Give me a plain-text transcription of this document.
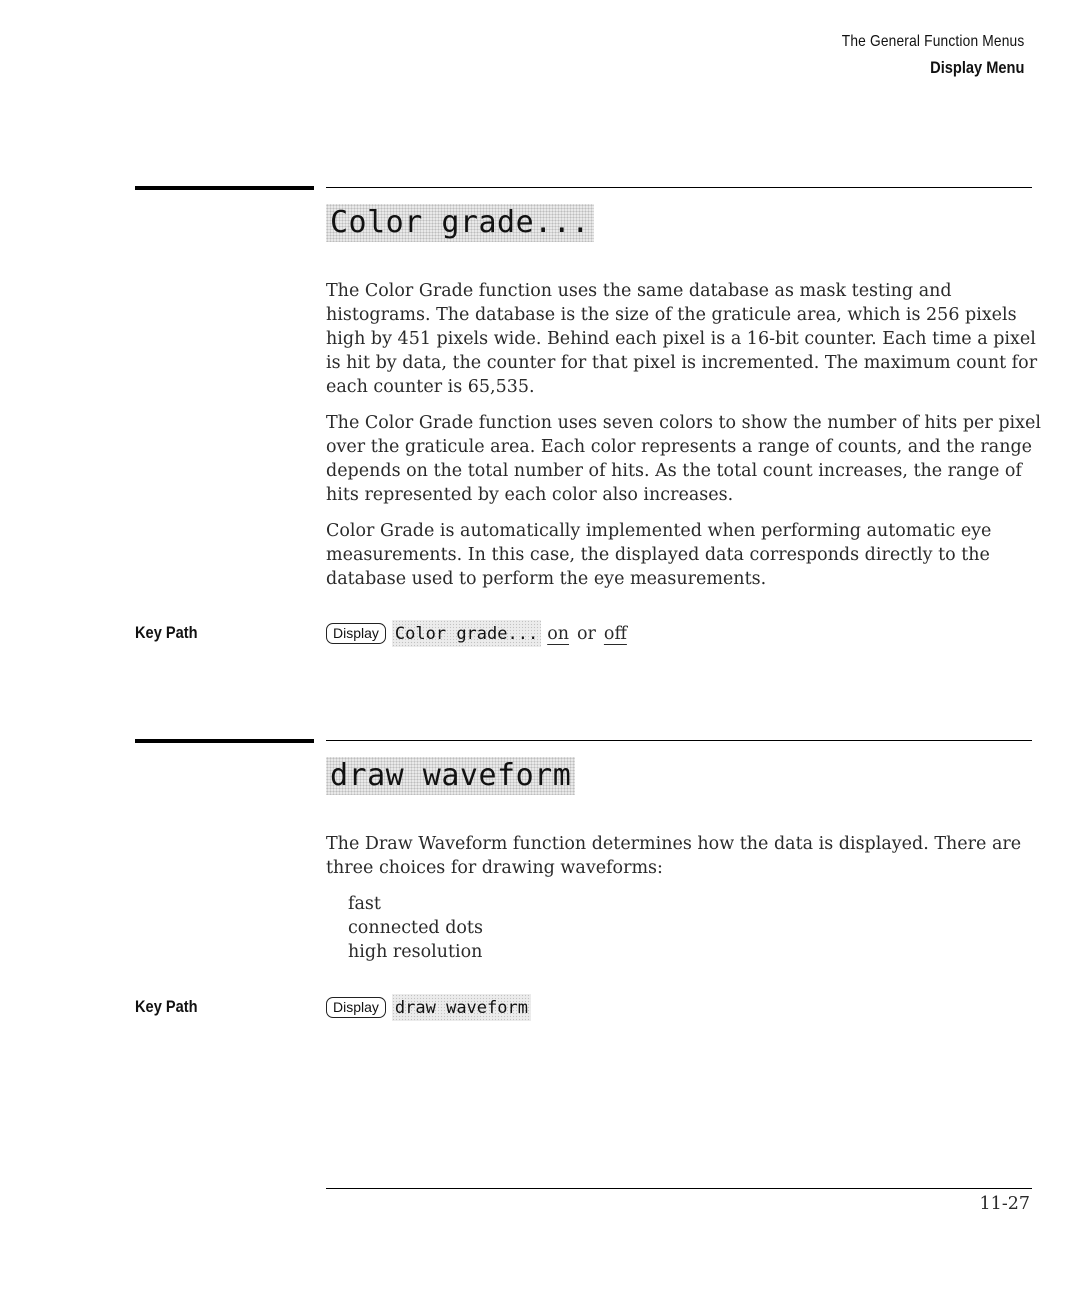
The General Function Menus
Display Menu
Color grade...

The Color Grade function uses the same database as mask testing and histograms. The database is the size of the graticule area, which is 256 pixels high by 451 pixels wide. Behind each pixel is a 16-bit counter. Each time a pixel is hit by data, the counter for that pixel is incremented. The maximum count for each counter is 65,535.

The Color Grade function uses seven colors to show the number of hits per pixel over the graticule area. Each color represents a range of counts, and the range depends on the total number of hits. As the total count increases, the range of hits represented by each color also increases.

Color Grade is automatically implemented when performing automatic eye measurements. In this case, the displayed data corresponds directly to the database used to perform the eye measurements.

Key Path	Display Color grade... on or off
draw waveform

The Draw Waveform function determines how the data is displayed. There are three choices for drawing waveforms:

fast
connected dots
high resolution
Key Path	Display draw waveform
11-27
